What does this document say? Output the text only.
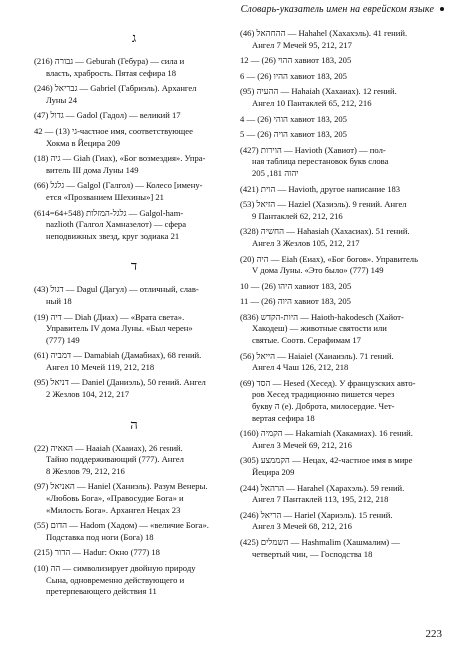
Словарь-указатель имен на еврейском языке
ג
גבורה (216) — Geburah (Гебура) — сила и
власть, храбрость. Пятая сефира 18
גבריאל (246) — Gabriel (Габриэль). Архангел
Луны 24
גדול (47) — Gadol (Гадол) — великий 17
גי (13) — 42-частное имя, соответствующее
Хокма в Йецира 209
גיה (18) — Giah (Гиах), «Бог возмездия». Упра-
витель III дома Луны 149
גלגל (66) — Galgol (Галгол) — Колесо [имену-
ется «Прозванием Шехины»] 21
גלגל-המזלות (64+548=614) — Galgol-ham-
nazlioth (Галгол Хамназелот) — сфера
неподвижных звезд, круг зодиака 21
ד
דגול (43) — Dagul (Дагул) — отличный, слав-
ный 18
דיה (19) — Diah (Диах) — «Врата света».
Управитель IV дома Луны. «Был черен»
(777) 149
דמביה (61) — Damabiah (Дамабиах), 68 гений.
Ангел 10 Мечей 119, 212, 218
דניאל (95) — Daniel (Даниэль), 50 гений. Ангел
2 Жезлов 104, 212, 217
ה
האאיה (22) — Haaiah (Хааиах), 26 гений.
Тайно поддерживающий (777). Ангел
8 Жезлов 79, 212, 216
האניאל (97) — Haniel (Ханиэль). Разум Венеры.
«Любовь Бога», «Правосудие Бога» и
«Милость Бога». Архангел Нецах 23
הדום (55) — Hadom (Хадом) — «величие Бога».
Подставка под ноги (Бога) 18
הדור (215) — Hadur: Окно (777) 18
הה (10) — символизирует двойную природу
Сына, одновременно действующего и
претерпевающего действия 11
ההחהאל (46) — Hahahel (Хахахэль). 41 гений.
Ангел 7 Мечей 95, 212, 217
ההוי (26) — 12 хавиот 183, 205
ההיו (26) — 6 хавиот 183, 205
ההעיה (95) — Hahaiah (Хахаиах). 12 гений.
Ангел 10 Пантаклей 65, 212, 216
הוהי (26) — 4 хавиот 183, 205
הויה (26) — 5 хавиот 183, 205
הוירות (427) — Havioth (Хавиот) — пол-
ная таблица перестановок букв слова
יהוה 181, 205
הוית (421) — Havioth, другое написание 183
הזיאל (53) — Haziel (Хазиэль). 9 гений. Ангел
9 Пантаклей 62, 212, 216
החשיה (328) — Hahasiah (Хахасиах). 51 гений.
Ангел 3 Жезлов 105, 212, 217
היה (20) — Eiah (Еиах), «Бог богов». Управитель
V дома Луны. «Это было» (777) 149
היהו (26) — 10 хавиот 183, 205
היוה (26) — 11 хавиот 183, 205
היות-הקדש (836) — Haioth-hakodesch (Хайот-
Хакодеш) — животные святости или
святые. Соотв. Серафимам 17
הייאל (56) — Haiaiel (Хаиаиэль). 71 гений.
Ангел 4 Чаш 126, 212, 218
הסד (69) — Hesed (Хесед). У французских авто-
ров Хесед традиционно пишется через
букву ה (е). Доброта, милосердие. Чет-
вертая сефира 18
הקמיה (160) — Hakamiah (Хакамиах). 16 гений.
Ангел 3 Мечей 69, 212, 216
הקממצע (305) — Нецах, 42-частное имя в мире
Йецира 209
הרהאל (244) — Harahel (Харахэль). 59 гений.
Ангел 7 Пантаклей 113, 195, 212, 218
הריאל (246) — Hariel (Хариэль). 15 гений.
Ангел 3 Мечей 68, 212, 216
השמלים (425) — Hashmalim (Хашмалим) —
четвертый чин, — Господства 18
223
